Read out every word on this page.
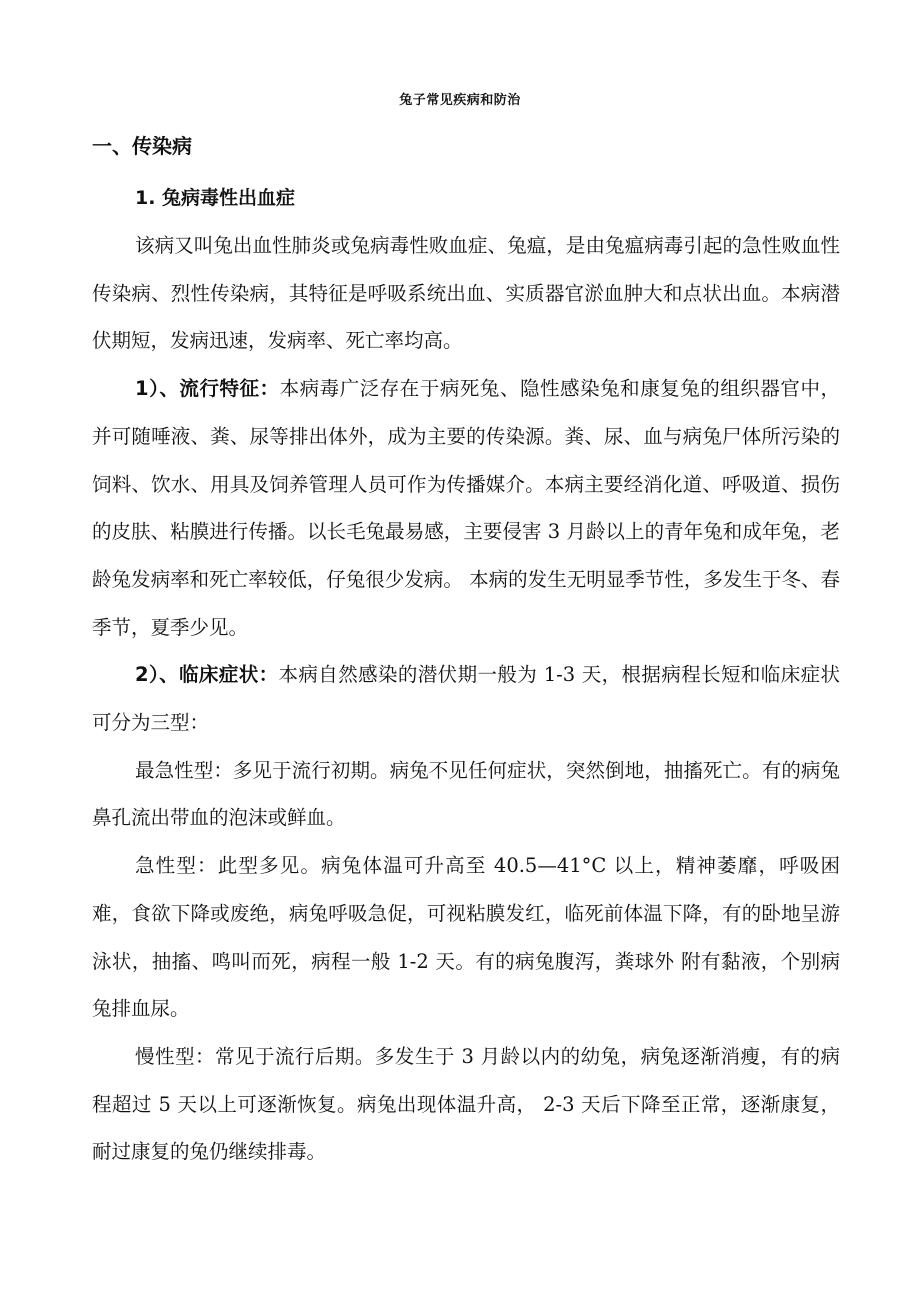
兔子常见疾病和防治
一、传染病
1. 兔病毒性出血症

该病又叫兔出血性肺炎或兔病毒性败血症、兔瘟，是由兔瘟病毒引起的急性败血性传染病、烈性传染病，其特征是呼吸系统出血、实质器官淤血肿大和点状出血。本病潜伏期短，发病迅速，发病率、死亡率均高。

1）、流行特征：本病毒广泛存在于病死兔、隐性感染兔和康复兔的组织器官中，并可随唾液、粪、尿等排出体外，成为主要的传染源。粪、尿、血与病兔尸体所污染的饲料、饮水、用具及饲养管理人员可作为传播媒介。本病主要经消化道、呼吸道、损伤的皮肤、粘膜进行传播。以长毛兔最易感，主要侵害 3 月龄以上的青年兔和成年兔，老龄兔发病率和死亡率较低，仔兔很少发病。 本病的发生无明显季节性，多发生于冬、春季节，夏季少见。

2）、临床症状：本病自然感染的潜伏期一般为 1-3 天，根据病程长短和临床症状可分为三型：

最急性型：多见于流行初期。病兔不见任何症状，突然倒地，抽搐死亡。有的病兔鼻孔流出带血的泡沫或鲜血。

急性型：此型多见。病兔体温可升高至 40.5—41°C 以上，精神萎靡，呼吸困难，食欲下降或废绝，病兔呼吸急促，可视粘膜发红，临死前体温下降，有的卧地呈游泳状，抽搐、鸣叫而死，病程一般 1-2 天。有的病兔腹泻，粪球外 附有黏液，个别病兔排血尿。

慢性型：常见于流行后期。多发生于 3 月龄以内的幼兔，病兔逐渐消瘦，有的病程超过 5 天以上可逐渐恢复。病兔出现体温升高， 2-3 天后下降至正常，逐渐康复，耐过康复的兔仍继续排毒。
